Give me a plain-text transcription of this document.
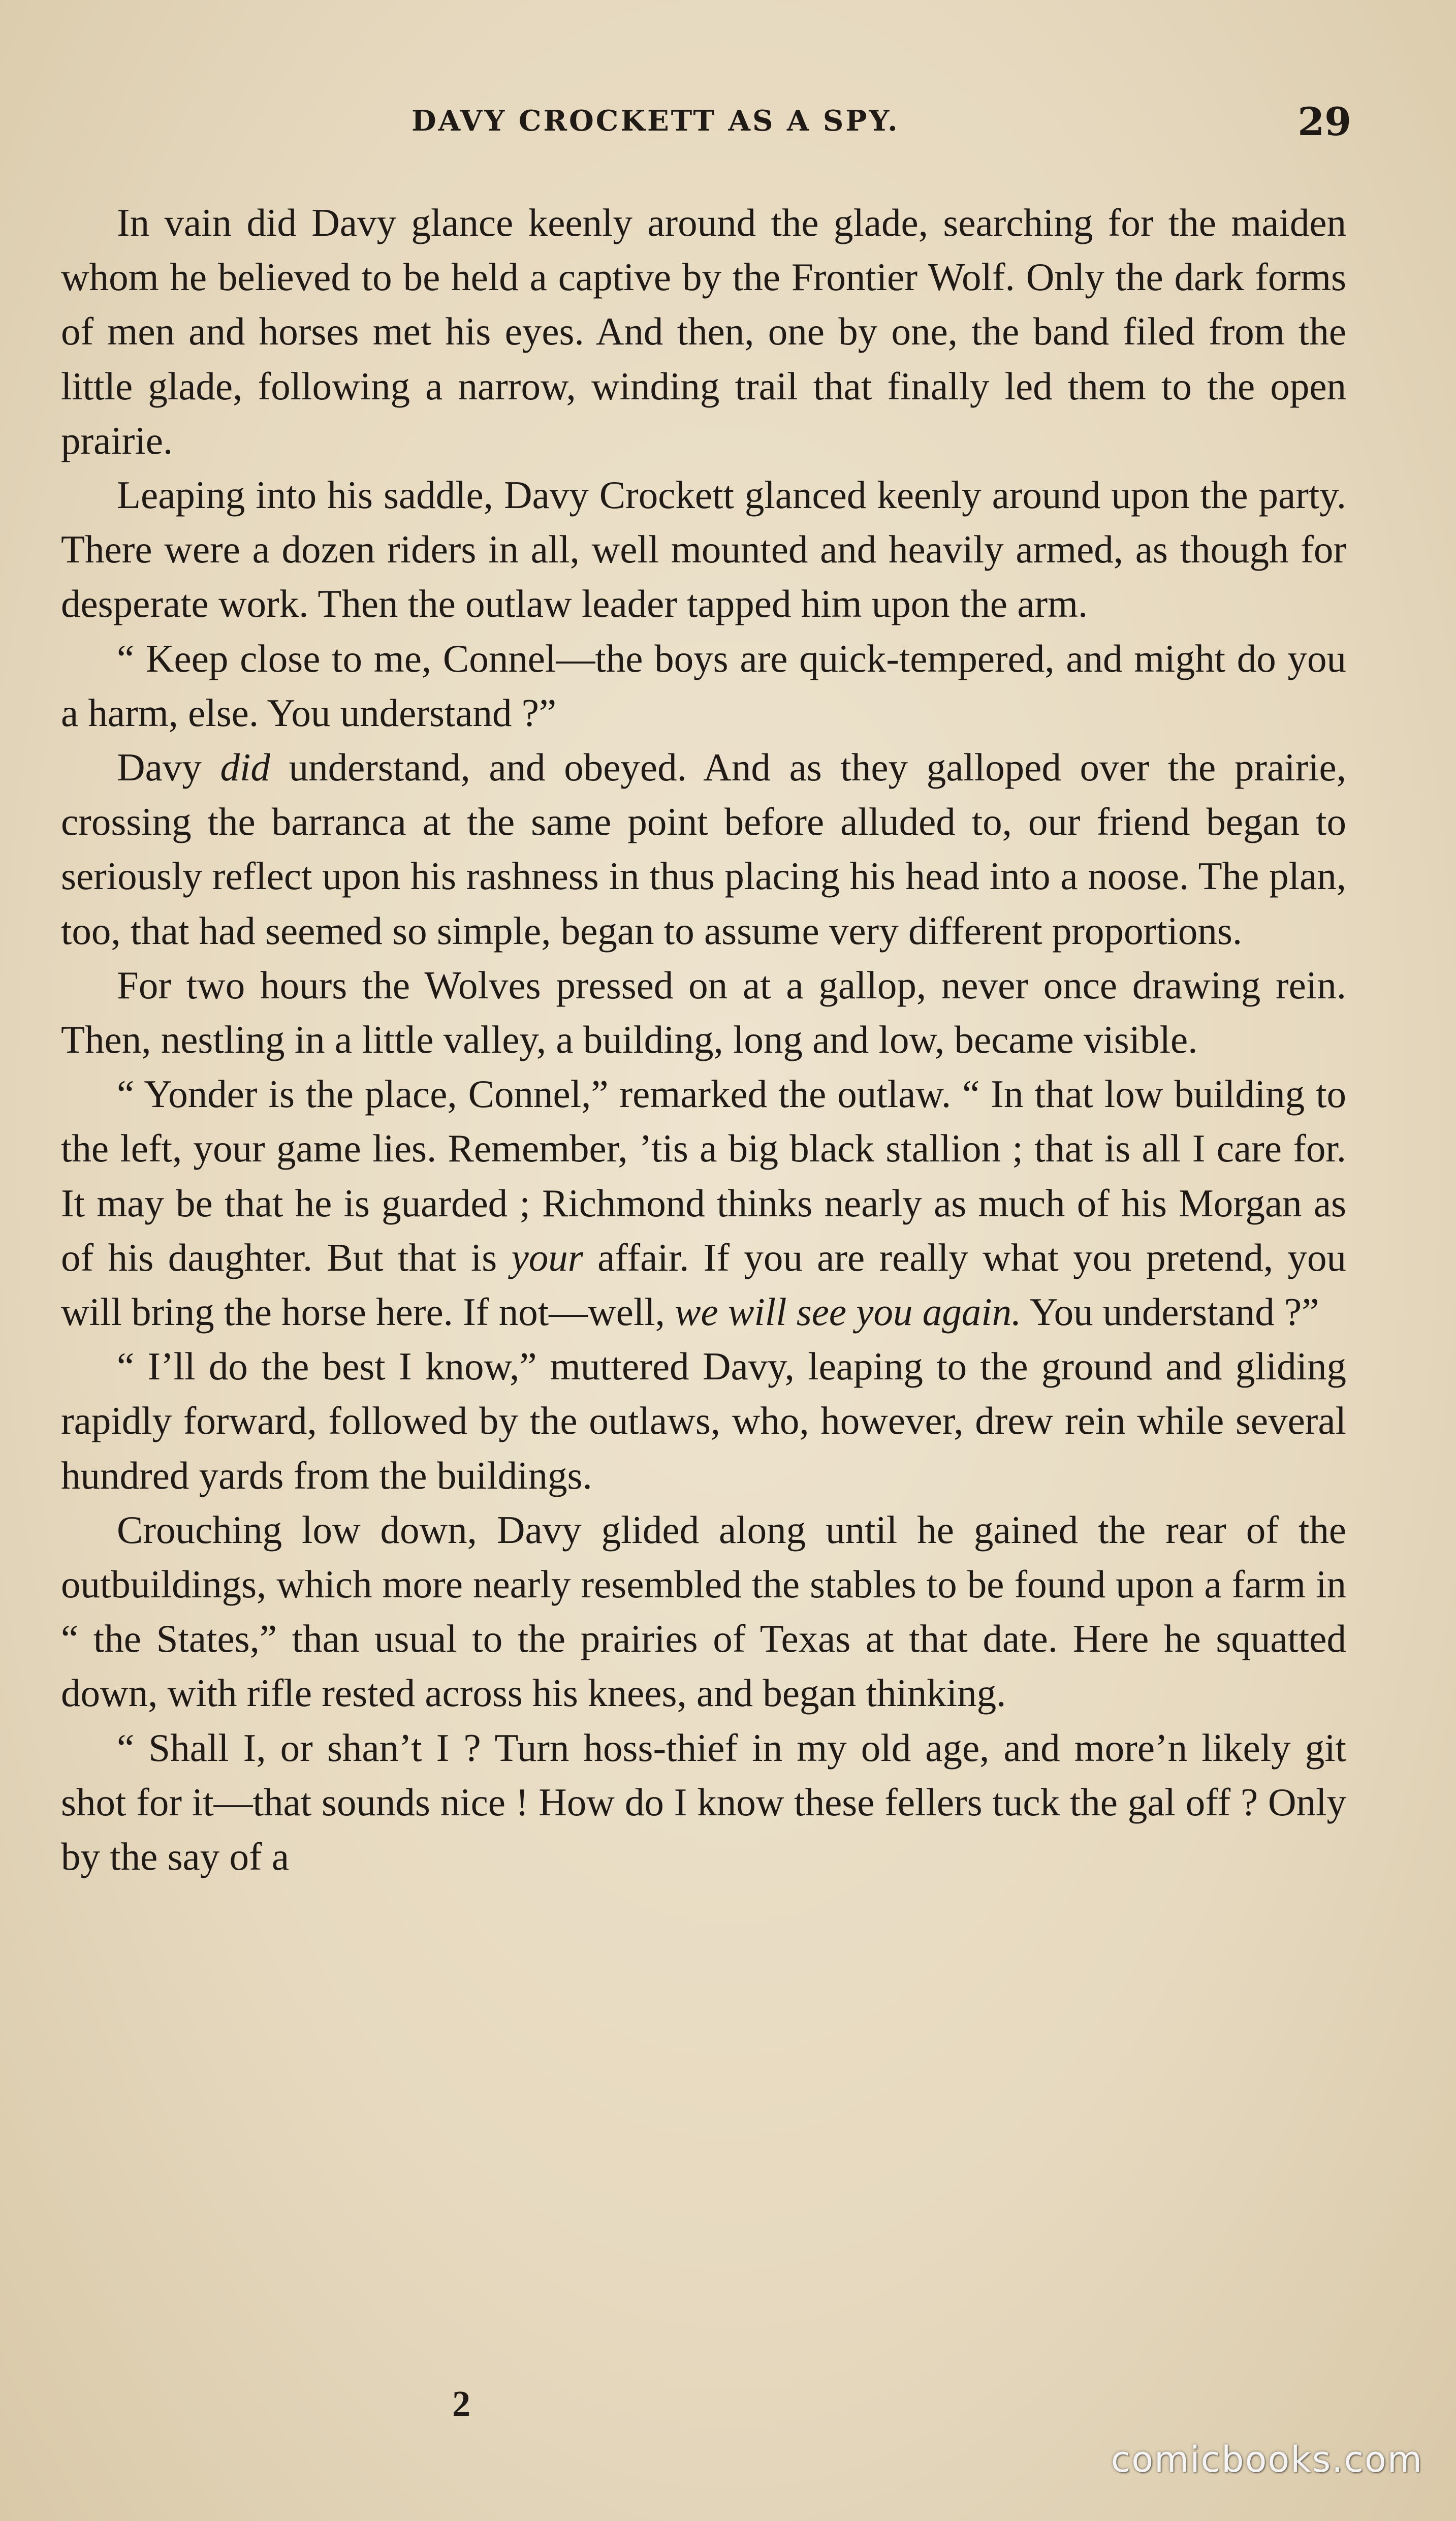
DAVY CROCKETT AS A SPY.	29

In vain did Davy glance keenly around the glade, searching for the maiden whom he believed to be held a captive by the Frontier Wolf. Only the dark forms of men and horses met his eyes. And then, one by one, the band filed from the little glade, following a narrow, winding trail that finally led them to the open prairie.

Leaping into his saddle, Davy Crockett glanced keenly around upon the party. There were a dozen riders in all, well mounted and heavily armed, as though for desperate work. Then the outlaw leader tapped him upon the arm.

“ Keep close to me, Connel—the boys are quick-tempered, and might do you a harm, else. You understand ?”

Davy did understand, and obeyed. And as they galloped over the prairie, crossing the barranca at the same point before alluded to, our friend began to seriously reflect upon his rashness in thus placing his head into a noose. The plan, too, that had seemed so simple, began to assume very different proportions.

For two hours the Wolves pressed on at a gallop, never once drawing rein. Then, nestling in a little valley, a building, long and low, became visible.

“ Yonder is the place, Connel,” remarked the outlaw. “ In that low building to the left, your game lies. Remember, ’tis a big black stallion ; that is all I care for. It may be that he is guarded ; Richmond thinks nearly as much of his Morgan as of his daughter. But that is your affair. If you are really what you pretend, you will bring the horse here. If not—well, we will see you again. You understand ?”

“ I’ll do the best I know,” muttered Davy, leaping to the ground and gliding rapidly forward, followed by the outlaws, who, however, drew rein while several hundred yards from the buildings.

Crouching low down, Davy glided along until he gained the rear of the outbuildings, which more nearly resembled the stables to be found upon a farm in “ the States,” than usual to the prairies of Texas at that date. Here he squatted down, with rifle rested across his knees, and began thinking.

“ Shall I, or shan’t I ? Turn hoss-thief in my old age, and more’n likely git shot for it—that sounds nice ! How do I know these fellers tuck the gal off ? Only by the say of a

2
comicbooks.com
